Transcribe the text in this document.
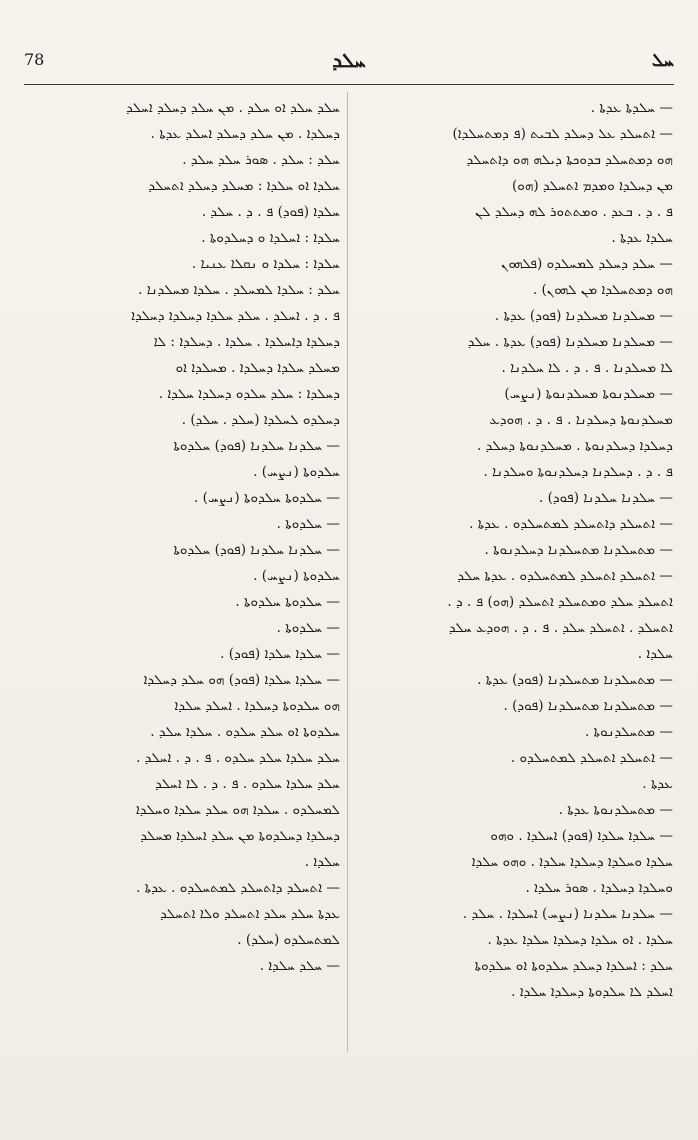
78	ܚܠܕ	ܚܠ
— ܚܠܕܬܐ ܥܕܬܐ .
— ܐܬܚܠܕ ܥܠ ܕܚܠܕ ܠܒܝܬ (ܦ ܕܡܬܚܠܕܐ)
ܗܘ ܕܡܬܚܠܕ ܒܕܘܟܬܐ ܕܝܠܗ ܗܘ ܕܐܬܚܠܕ
ܡܢ ܕܚܠܕܐ ܘܡܕܡ ܐܬܚܠܕ (ܗܘ)
ܦ . ܕ . ܒܥܕ . ܘܡܬܬܘܪ ܠܗ ܕܚܠܕ ܠܢ
ܚܠܕܐ ܥܕܬܐ .
— ܚܠܕ ܕܚܠܕ ܠܡܚܠܕܘ (ܦܠܗܘܢ
ܗܘ ܕܡܬܚܠܕܐ ܡܢ ܠܗܘܢ) .
— ܡܚܠܕܢܐ ܡܚܠܕܢܐ (ܦܘܕ) ܥܕܬܐ .
— ܡܚܠܕܢܐ ܡܚܠܕܢܐ (ܦܘܕ) ܥܕܬܐ . ܚܠܕ
ܠܐ ܡܚܠܕܢܐ . ܦ . ܕ . ܠܐ ܚܠܕܢܐ .
— ܡܚܠܕܢܘܬܐ ܡܚܠܕܢܘܬܐ (ܢܨܚ)
ܡܚܠܕܢܘܬܐ ܕܚܠܕܢܐ . ܦ . ܕ . ܗܘܕܥ
ܕܚܠܕܐ ܕܚܠܕܢܘܬܐ . ܡܚܠܕܢܘܬܐ ܕܚܠܕ .
ܦ . ܕ . ܕܚܠܕܢܐ ܕܚܠܕܢܘܬܐ ܘܚܠܕܢܐ .
— ܚܠܕܢܐ ܚܠܕܢܐ (ܦܘܕ) .
— ܐܬܚܠܕ ܕܐܬܚܠܕ ܠܡܬܚܠܕܘ . ܥܕܬܐ .
— ܡܬܚܠܕܢܐ ܡܬܚܠܕܢܐ ܕܚܠܕܢܘܬܐ .
— ܐܬܚܠܕ ܐܬܚܠܕ ܠܡܬܚܠܕܘ . ܥܕܬܐ ܚܠܕ
ܐܬܚܠܕ ܚܠܕ ܘܡܬܚܠܕ ܐܬܚܠܕ (ܗܘ) ܦ . ܕ .
ܐܬܚܠܕ . ܐܬܚܠܕ ܚܠܕ . ܦ . ܕ . ܗܘܕܥ ܚܠܕ
ܚܠܕܐ .
— ܡܬܚܠܕܢܐ ܡܬܚܠܕܢܐ (ܦܘܕ) ܥܕܬܐ .
— ܡܬܚܠܕܢܐ ܡܬܚܠܕܢܐ (ܦܘܕ) .
— ܡܬܚܠܕܢܘܬܐ .
— ܐܬܚܠܕ ܐܬܚܠܕ ܠܡܬܚܠܕܘ .
ܥܕܬܐ .
— ܡܬܚܠܕܢܘܬܐ ܥܕܬܐ .
— ܚܠܕܐ ܚܠܕܐ (ܦܘܕ) ܐܚܠܕܐ . ܘܗܘ
ܚܠܕܐ ܘܚܠܕܐ ܕܚܠܕܐ ܚܠܕܐ . ܘܗܘ ܚܠܕܐ
ܘܚܠܕܐ ܕܚܠܕܐ . ܣܘܪ ܚܠܕܐ .
— ܚܠܕܢܐ ܚܠܕܢܐ (ܢܨܚ) ܐܚܠܕܐ . ܚܠܕ .
ܚܠܕܐ . ܐܘ ܚܠܕܐ ܕܚܠܕܐ ܚܠܕܐ ܥܕܬܐ .
ܚܠܕ : ܐܚܠܕܐ ܕܚܠܕ ܚܠܕܘܬܐ ܐܘ ܚܠܕܘܬܐ
ܐܚܠܕ ܠܐ ܚܠܕܘܬܐ ܕܚܠܕܐ ܚܠܕܐ .
ܚܠܕ ܚܠܕ ܐܘ ܚܠܕ . ܡܢ ܚܠܕ ܕܚܠܕ ܐܚܠܕ
ܕܚܠܕܐ . ܡܢ ܚܠܕ ܕܚܠܕ ܐܚܠܕ ܥܕܬܐ .
ܚܠܕ : ܚܠܕ . ܣܘܪ ܚܠܕ ܚܠܕ .
ܚܠܕܐ ܐܘ ܚܠܕܐ : ܡܚܠܕ ܕܚܠܕ ܐܬܚܠܕ
ܚܠܕܐ (ܦܘܕ) ܦ . ܕ . ܚܠܕ .
ܚܠܕܐ : ܐܚܠܕܐ ܘ ܕܚܠܕܘܬܐ .
ܚܠܕܐ : ܚܠܕܐ ܘ ܢܩܠܐ ܥܢܝܐ .
ܚܠܕ : ܚܠܕܐ ܠܡܚܠܕ . ܚܠܕܐ ܡܚܠܕܢܐ .
ܦ . ܕ . ܐܚܠܕ . ܚܠܕ ܚܠܕܐ ܕܚܠܕܐ ܕܚܠܕܐ
ܕܚܠܕܐ ܕܐܚܠܕܐ . ܚܠܕܐ . ܕܚܠܕܐ : ܠܐ
ܡܚܠܕ ܚܠܕܐ ܕܚܠܕܐ . ܡܚܠܕܐ ܐܘ
ܕܚܠܕܐ : ܚܠܕ ܚܠܕܘ ܕܚܠܕܐ ܚܠܕܐ .
ܕܚܠܕܘ ܠܚܠܕܐ (ܚܠܕ . ܚܠܕ) .
— ܚܠܕܢܐ ܚܠܕܢܐ (ܦܘܕ) ܚܠܕܘܬܐ
ܚܠܕܘܬܐ (ܢܨܚ) .
— ܚܠܕܘܬܐ ܚܠܕܘܬܐ (ܢܨܚ) .
— ܚܠܕܘܬܐ .
— ܚܠܕܢܐ ܚܠܕܢܐ (ܦܘܕ) ܚܠܕܘܬܐ
ܚܠܕܘܬܐ (ܢܨܚ) .
— ܚܠܕܘܬܐ ܚܠܕܘܬܐ .
— ܚܠܕܘܬܐ .
— ܚܠܕܐ ܚܠܕܐ (ܦܘܕ) .
— ܚܠܕܐ ܚܠܕܐ (ܦܘܕ) ܗܘ ܚܠܕ ܕܚܠܕܐ
ܗܘ ܚܠܕܘܬܐ ܕܚܠܕܐ . ܐܚܠܕ ܚܠܕܐ
ܚܠܕܘܬܐ ܐܘ ܚܠܕ ܚܠܕܘ . ܚܠܕܐ ܚܠܕ .
ܚܠܕ ܚܠܕܐ ܚܠܕ ܚܠܕܘ . ܦ . ܕ . ܐܚܠܕ .
ܚܠܕ ܚܠܕܐ ܚܠܕܘ . ܦ . ܕ . ܠܐ ܐܚܠܕ
ܠܡܚܠܕܘ . ܚܠܕܐ ܗܘ ܚܠܕ ܚܠܕܐ ܘܚܠܕܐ
ܕܚܠܕܐ ܕܚܠܕܘܬܐ ܡܢ ܚܠܕ ܐܚܠܕܐ ܡܚܠܕ
ܚܠܕܐ .
— ܐܬܚܠܕ ܕܐܬܚܠܕ ܠܡܬܚܠܕܘ . ܥܕܬܐ .
ܥܕܬܐ ܚܠܕ ܚܠܕ ܐܬܚܠܕ ܘܠܐ ܐܬܚܠܕ
ܠܡܬܚܠܕܘ (ܚܠܕ) .
— ܚܠܕ ܚܠܕܐ .
